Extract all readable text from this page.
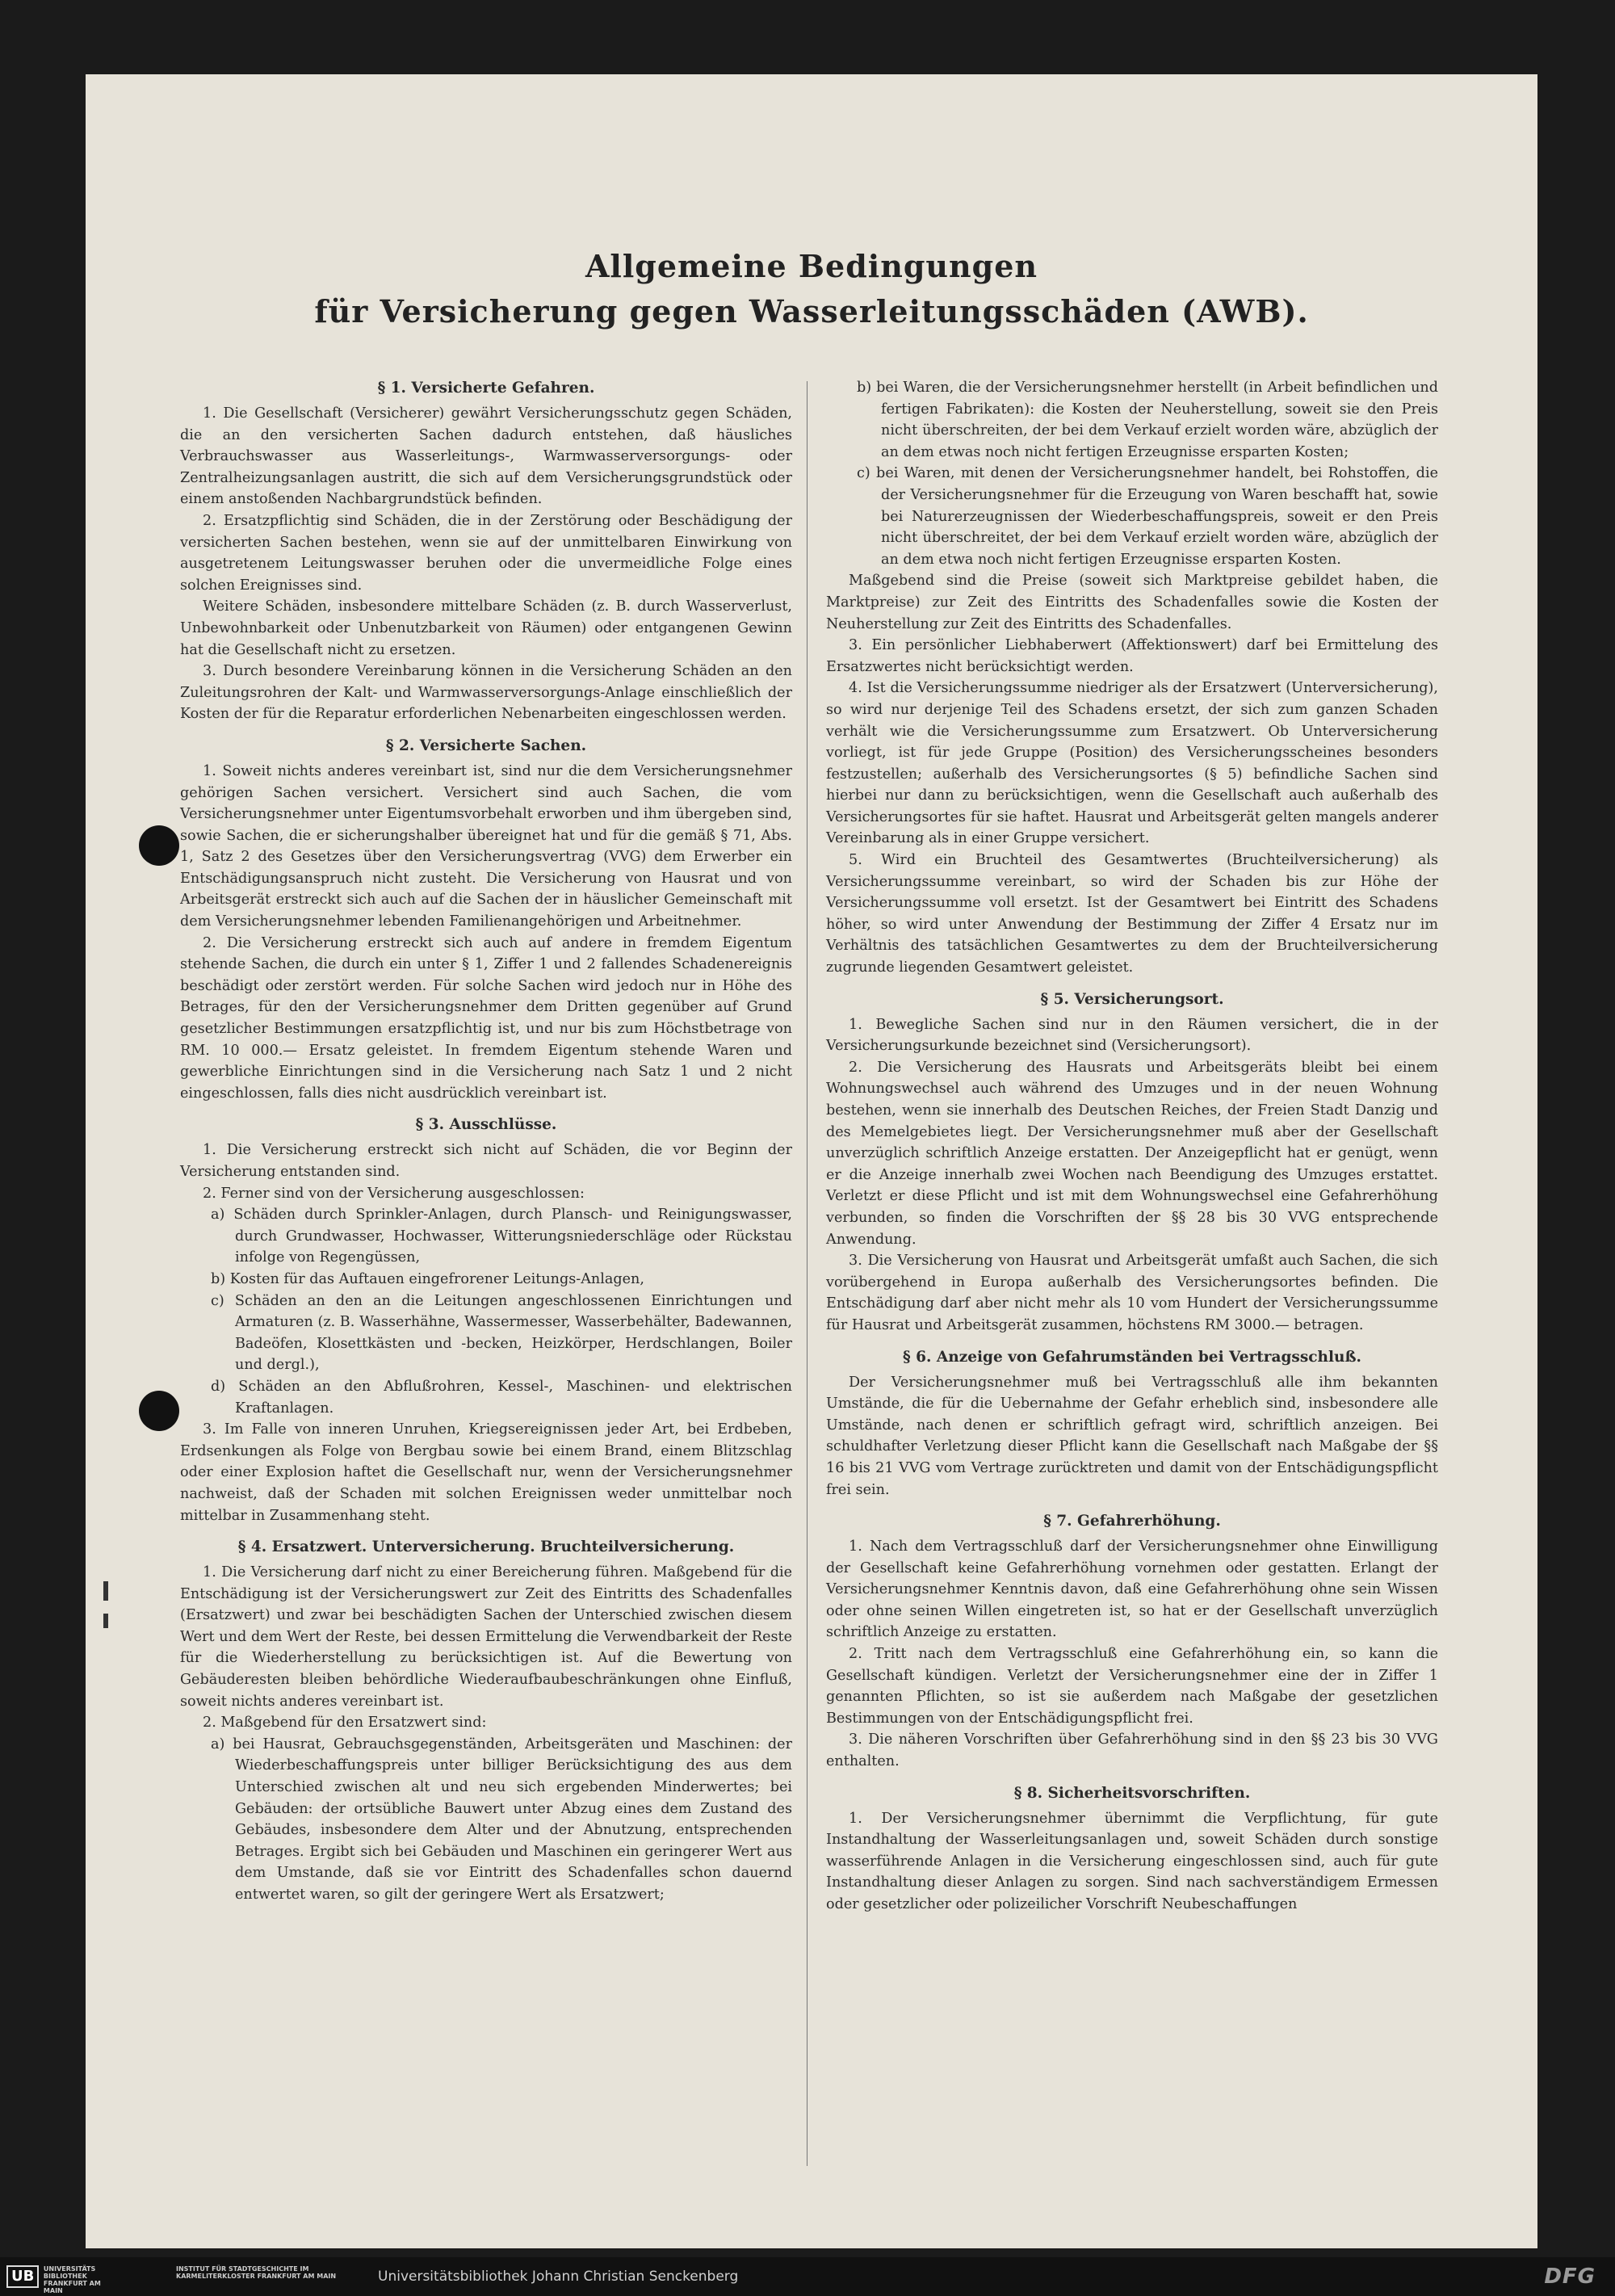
Allgemeine Bedingungen
für Versicherung gegen Wasserleitungsschäden (AWB).
§ 1. Versicherte Gefahren.

1. Die Gesellschaft (Versicherer) gewährt Versicherungsschutz gegen Schäden, die an den versicherten Sachen dadurch entstehen, daß häusliches Verbrauchswasser aus Wasserleitungs-, Warmwasserversorgungs- oder Zentralheizungsanlagen austritt, die sich auf dem Versicherungsgrundstück oder einem anstoßenden Nachbargrundstück befinden.

2. Ersatzpflichtig sind Schäden, die in der Zerstörung oder Beschädigung der versicherten Sachen bestehen, wenn sie auf der unmittelbaren Einwirkung von ausgetretenem Leitungswasser beruhen oder die unvermeidliche Folge eines solchen Ereignisses sind.

Weitere Schäden, insbesondere mittelbare Schäden (z. B. durch Wasserverlust, Unbewohnbarkeit oder Unbenutzbarkeit von Räumen) oder entgangenen Gewinn hat die Gesellschaft nicht zu ersetzen.

3. Durch besondere Vereinbarung können in die Versicherung Schäden an den Zuleitungsrohren der Kalt- und Warmwasserversorgungs-Anlage einschließlich der Kosten der für die Reparatur erforderlichen Nebenarbeiten eingeschlossen werden.

§ 2. Versicherte Sachen.

1. Soweit nichts anderes vereinbart ist, sind nur die dem Versicherungsnehmer gehörigen Sachen versichert. Versichert sind auch Sachen, die vom Versicherungsnehmer unter Eigentumsvorbehalt erworben und ihm übergeben sind, sowie Sachen, die er sicherungshalber übereignet hat und für die gemäß § 71, Abs. 1, Satz 2 des Gesetzes über den Versicherungsvertrag (VVG) dem Erwerber ein Entschädigungsanspruch nicht zusteht. Die Versicherung von Hausrat und von Arbeitsgerät erstreckt sich auch auf die Sachen der in häuslicher Gemeinschaft mit dem Versicherungsnehmer lebenden Familienangehörigen und Arbeitnehmer.

2. Die Versicherung erstreckt sich auch auf andere in fremdem Eigentum stehende Sachen, die durch ein unter § 1, Ziffer 1 und 2 fallendes Schadenereignis beschädigt oder zerstört werden. Für solche Sachen wird jedoch nur in Höhe des Betrages, für den der Versicherungsnehmer dem Dritten gegenüber auf Grund gesetzlicher Bestimmungen ersatzpflichtig ist, und nur bis zum Höchstbetrage von RM. 10 000.— Ersatz geleistet. In fremdem Eigentum stehende Waren und gewerbliche Einrichtungen sind in die Versicherung nach Satz 1 und 2 nicht eingeschlossen, falls dies nicht ausdrücklich vereinbart ist.

§ 3. Ausschlüsse.

1. Die Versicherung erstreckt sich nicht auf Schäden, die vor Beginn der Versicherung entstanden sind.

2. Ferner sind von der Versicherung ausgeschlossen:

a) Schäden durch Sprinkler-Anlagen, durch Plansch- und Reinigungswasser, durch Grundwasser, Hochwasser, Witterungsniederschläge oder Rückstau infolge von Regengüssen,

b) Kosten für das Auftauen eingefrorener Leitungs-Anlagen,

c) Schäden an den an die Leitungen angeschlossenen Einrichtungen und Armaturen (z. B. Wasserhähne, Wassermesser, Wasserbehälter, Badewannen, Badeöfen, Klosettkästen und -becken, Heizkörper, Herdschlangen, Boiler und dergl.),

d) Schäden an den Abflußrohren, Kessel-, Maschinen- und elektrischen Kraftanlagen.

3. Im Falle von inneren Unruhen, Kriegsereignissen jeder Art, bei Erdbeben, Erdsenkungen als Folge von Bergbau sowie bei einem Brand, einem Blitzschlag oder einer Explosion haftet die Gesellschaft nur, wenn der Versicherungsnehmer nachweist, daß der Schaden mit solchen Ereignissen weder unmittelbar noch mittelbar in Zusammenhang steht.

§ 4. Ersatzwert. Unterversicherung. Bruchteilversicherung.

1. Die Versicherung darf nicht zu einer Bereicherung führen. Maßgebend für die Entschädigung ist der Versicherungswert zur Zeit des Eintritts des Schadenfalles (Ersatzwert) und zwar bei beschädigten Sachen der Unterschied zwischen diesem Wert und dem Wert der Reste, bei dessen Ermittelung die Verwendbarkeit der Reste für die Wiederherstellung zu berücksichtigen ist. Auf die Bewertung von Gebäuderesten bleiben behördliche Wiederaufbaubeschränkungen ohne Einfluß, soweit nichts anderes vereinbart ist.

2. Maßgebend für den Ersatzwert sind:

a) bei Hausrat, Gebrauchsgegenständen, Arbeitsgeräten und Maschinen: der Wiederbeschaffungspreis unter billiger Berücksichtigung des aus dem Unterschied zwischen alt und neu sich ergebenden Minderwertes; bei Gebäuden: der ortsübliche Bauwert unter Abzug eines dem Zustand des Gebäudes, insbesondere dem Alter und der Abnutzung, entsprechenden Betrages. Ergibt sich bei Gebäuden und Maschinen ein geringerer Wert aus dem Umstande, daß sie vor Eintritt des Schadenfalles schon dauernd entwertet waren, so gilt der geringere Wert als Ersatzwert;

b) bei Waren, die der Versicherungsnehmer herstellt (in Arbeit befindlichen und fertigen Fabrikaten): die Kosten der Neuherstellung, soweit sie den Preis nicht überschreiten, der bei dem Verkauf erzielt worden wäre, abzüglich der an dem etwas noch nicht fertigen Erzeugnisse ersparten Kosten;

c) bei Waren, mit denen der Versicherungsnehmer handelt, bei Rohstoffen, die der Versicherungsnehmer für die Erzeugung von Waren beschafft hat, sowie bei Naturerzeugnissen der Wiederbeschaffungspreis, soweit er den Preis nicht überschreitet, der bei dem Verkauf erzielt worden wäre, abzüglich der an dem etwa noch nicht fertigen Erzeugnisse ersparten Kosten.

Maßgebend sind die Preise (soweit sich Marktpreise gebildet haben, die Marktpreise) zur Zeit des Eintritts des Schadenfalles sowie die Kosten der Neuherstellung zur Zeit des Eintritts des Schadenfalles.

3. Ein persönlicher Liebhaberwert (Affektionswert) darf bei Ermittelung des Ersatzwertes nicht berücksichtigt werden.

4. Ist die Versicherungssumme niedriger als der Ersatzwert (Unterversicherung), so wird nur derjenige Teil des Schadens ersetzt, der sich zum ganzen Schaden verhält wie die Versicherungssumme zum Ersatzwert. Ob Unterversicherung vorliegt, ist für jede Gruppe (Position) des Versicherungsscheines besonders festzustellen; außerhalb des Versicherungsortes (§ 5) befindliche Sachen sind hierbei nur dann zu berücksichtigen, wenn die Gesellschaft auch außerhalb des Versicherungsortes für sie haftet. Hausrat und Arbeitsgerät gelten mangels anderer Vereinbarung als in einer Gruppe versichert.

5. Wird ein Bruchteil des Gesamtwertes (Bruchteilversicherung) als Versicherungssumme vereinbart, so wird der Schaden bis zur Höhe der Versicherungssumme voll ersetzt. Ist der Gesamtwert bei Eintritt des Schadens höher, so wird unter Anwendung der Bestimmung der Ziffer 4 Ersatz nur im Verhältnis des tatsächlichen Gesamtwertes zu dem der Bruchteilversicherung zugrunde liegenden Gesamtwert geleistet.

§ 5. Versicherungsort.

1. Bewegliche Sachen sind nur in den Räumen versichert, die in der Versicherungsurkunde bezeichnet sind (Versicherungsort).

2. Die Versicherung des Hausrats und Arbeitsgeräts bleibt bei einem Wohnungswechsel auch während des Umzuges und in der neuen Wohnung bestehen, wenn sie innerhalb des Deutschen Reiches, der Freien Stadt Danzig und des Memelgebietes liegt. Der Versicherungsnehmer muß aber der Gesellschaft unverzüglich schriftlich Anzeige erstatten. Der Anzeigepflicht hat er genügt, wenn er die Anzeige innerhalb zwei Wochen nach Beendigung des Umzuges erstattet. Verletzt er diese Pflicht und ist mit dem Wohnungswechsel eine Gefahrerhöhung verbunden, so finden die Vorschriften der §§ 28 bis 30 VVG entsprechende Anwendung.

3. Die Versicherung von Hausrat und Arbeitsgerät umfaßt auch Sachen, die sich vorübergehend in Europa außerhalb des Versicherungsortes befinden. Die Entschädigung darf aber nicht mehr als 10 vom Hundert der Versicherungssumme für Hausrat und Arbeitsgerät zusammen, höchstens RM 3000.— betragen.

§ 6. Anzeige von Gefahrumständen bei Vertragsschluß.

Der Versicherungsnehmer muß bei Vertragsschluß alle ihm bekannten Umstände, die für die Uebernahme der Gefahr erheblich sind, insbesondere alle Umstände, nach denen er schriftlich gefragt wird, schriftlich anzeigen. Bei schuldhafter Verletzung dieser Pflicht kann die Gesellschaft nach Maßgabe der §§ 16 bis 21 VVG vom Vertrage zurücktreten und damit von der Entschädigungspflicht frei sein.

§ 7. Gefahrerhöhung.

1. Nach dem Vertragsschluß darf der Versicherungsnehmer ohne Einwilligung der Gesellschaft keine Gefahrerhöhung vornehmen oder gestatten. Erlangt der Versicherungsnehmer Kenntnis davon, daß eine Gefahrerhöhung ohne sein Wissen oder ohne seinen Willen eingetreten ist, so hat er der Gesellschaft unverzüglich schriftlich Anzeige zu erstatten.

2. Tritt nach dem Vertragsschluß eine Gefahrerhöhung ein, so kann die Gesellschaft kündigen. Verletzt der Versicherungsnehmer eine der in Ziffer 1 genannten Pflichten, so ist sie außerdem nach Maßgabe der gesetzlichen Bestimmungen von der Entschädigungspflicht frei.

3. Die näheren Vorschriften über Gefahrerhöhung sind in den §§ 23 bis 30 VVG enthalten.

§ 8. Sicherheitsvorschriften.

1. Der Versicherungsnehmer übernimmt die Verpflichtung, für gute Instandhaltung der Wasserleitungsanlagen und, soweit Schäden durch sonstige wasserführende Anlagen in die Versicherung eingeschlossen sind, auch für gute Instandhaltung dieser Anlagen zu sorgen. Sind nach sachverständigem Ermessen oder gesetzlicher oder polizeilicher Vorschrift Neubeschaffungen

UB UNIVERSITÄTS BIBLIOTHEK FRANKFURT AM MAIN
INSTITUT FÜR STADTGESCHICHTE IM KARMELITERKLOSTER FRANKFURT AM MAIN	Universitätsbibliothek Johann Christian Senckenberg	DFG
